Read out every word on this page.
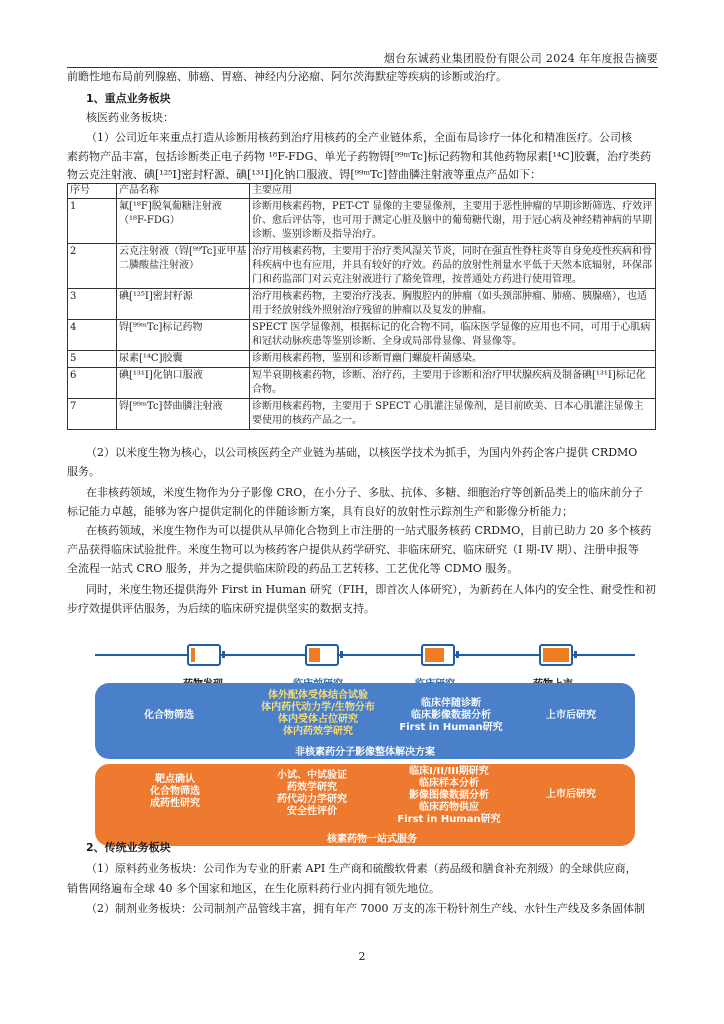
烟台东诚药业集团股份有限公司 2024 年年度报告摘要
前瞻性地布局前列腺癌、肺癌、胃癌、神经内分泌瘤、阿尔茨海默症等疾病的诊断或治疗。
1、重点业务板块
核医药业务板块：
（1）公司近年来重点打造从诊断用核药到治疗用核药的全产业链体系，全面布局诊疗一体化和精准医疗。公司核
素药物产品丰富，包括诊断类正电子药物 ¹⁸F-FDG、单光子药物锝[⁹⁹ᵐTc]标记药物和其他药物尿素[¹⁴C]胶囊，治疗类药
物云克注射液、碘[¹²⁵I]密封籽源、碘[¹³¹I]化钠口服液、锝[⁹⁹ᵐTc]替曲膦注射液等重点产品如下：
序号	产品名称	主要应用
1	氟[¹⁸F]脱氧葡糖注射液（¹⁸F-FDG）	诊断用核素药物，PET-CT 显像的主要显像剂，主要用于恶性肿瘤的早期诊断筛选、疗效评价、愈后评估等，也可用于测定心脏及脑中的葡萄糖代谢，用于冠心病及神经精神病的早期诊断、鉴别诊断及指导治疗。
2	云克注射液（锝[⁹⁹Tc]亚甲基二膦酸盐注射液）	治疗用核素药物，主要用于治疗类风湿关节炎，同时在强直性脊柱炎等自身免疫性疾病和骨科疾病中也有应用，并具有较好的疗效。药品的放射性剂量水平低于天然本底辐射，环保部门和药监部门对云克注射液进行了豁免管理，按普通处方药进行使用管理。
3	碘[¹²⁵I]密封籽源	治疗用核素药物，主要治疗浅表、胸腹腔内的肿瘤（如头颈部肿瘤、肺癌、胰腺癌），也适用于经放射线外照射治疗残留的肿瘤以及复发的肿瘤。
4	锝[⁹⁹ᵐTc]标记药物	SPECT 医学显像剂，根据标记的化合物不同，临床医学显像的应用也不同，可用于心肌病和冠状动脉疾患等鉴别诊断、全身或局部骨显像、肾显像等。
5	尿素[¹⁴C]胶囊	诊断用核素药物，鉴别和诊断胃幽门螺旋杆菌感染。
6	碘[¹³¹I]化钠口服液	短半衰期核素药物，诊断、治疗药，主要用于诊断和治疗甲状腺疾病及制备碘[¹³¹I]标记化合物。
7	锝[⁹⁹ᵐTc]替曲膦注射液	诊断用核素药物，主要用于 SPECT 心肌灌注显像剂，是目前欧美、日本心肌灌注显像主要使用的核药产品之一。
（2）以米度生物为核心，以公司核医药全产业链为基础，以核医学技术为抓手，为国内外药企客户提供 CRDMO
服务。
在非核药领域，米度生物作为分子影像 CRO，在小分子、多肽、抗体、多糖、细胞治疗等创新品类上的临床前分子
标记能力卓越，能够为客户提供定制化的伴随诊断方案，具有良好的放射性示踪剂生产和影像分析能力；
在核药领域，米度生物作为可以提供从早筛化合物到上市注册的一站式服务核药 CRDMO，目前已助力 20 多个核药
产品获得临床试验批件。米度生物可以为核药客户提供从药学研究、非临床研究、临床研究（I 期-IV 期）、注册申报等
全流程一站式 CRO 服务，并为之提供临床阶段的药品工艺转移、工艺优化等 CDMO 服务。
同时，米度生物还提供海外 First in Human 研究（FIH，即首次人体研究），为新药在人体内的安全性、耐受性和初
步疗效提供评估服务，为后续的临床研究提供坚实的数据支持。
化合物筛选
体外配体受体结合试验
体内药代动力学/生物分布
体内受体占位研究
体内药效学研究
临床伴随诊断
临床影像数据分析
First in Human研究
上市后研究
非核素药分子影像整体解决方案
靶点确认
化合物筛选
成药性研究
小试、中试验证
药效学研究
药代动力学研究
安全性评价
临床I/II/III期研究
临床样本分析
影像图像数据分析
临床药物供应
First in Human研究
上市后研究
核素药物一站式服务
2、传统业务板块
（1）原料药业务板块：公司作为专业的肝素 API 生产商和硫酸软骨素（药品级和膳食补充剂级）的全球供应商，
销售网络遍布全球 40 多个国家和地区，在生化原料药行业内拥有领先地位。
（2）制剂业务板块：公司制剂产品管线丰富，拥有年产 7000 万支的冻干粉针剂生产线、水针生产线及多条固体制
2
